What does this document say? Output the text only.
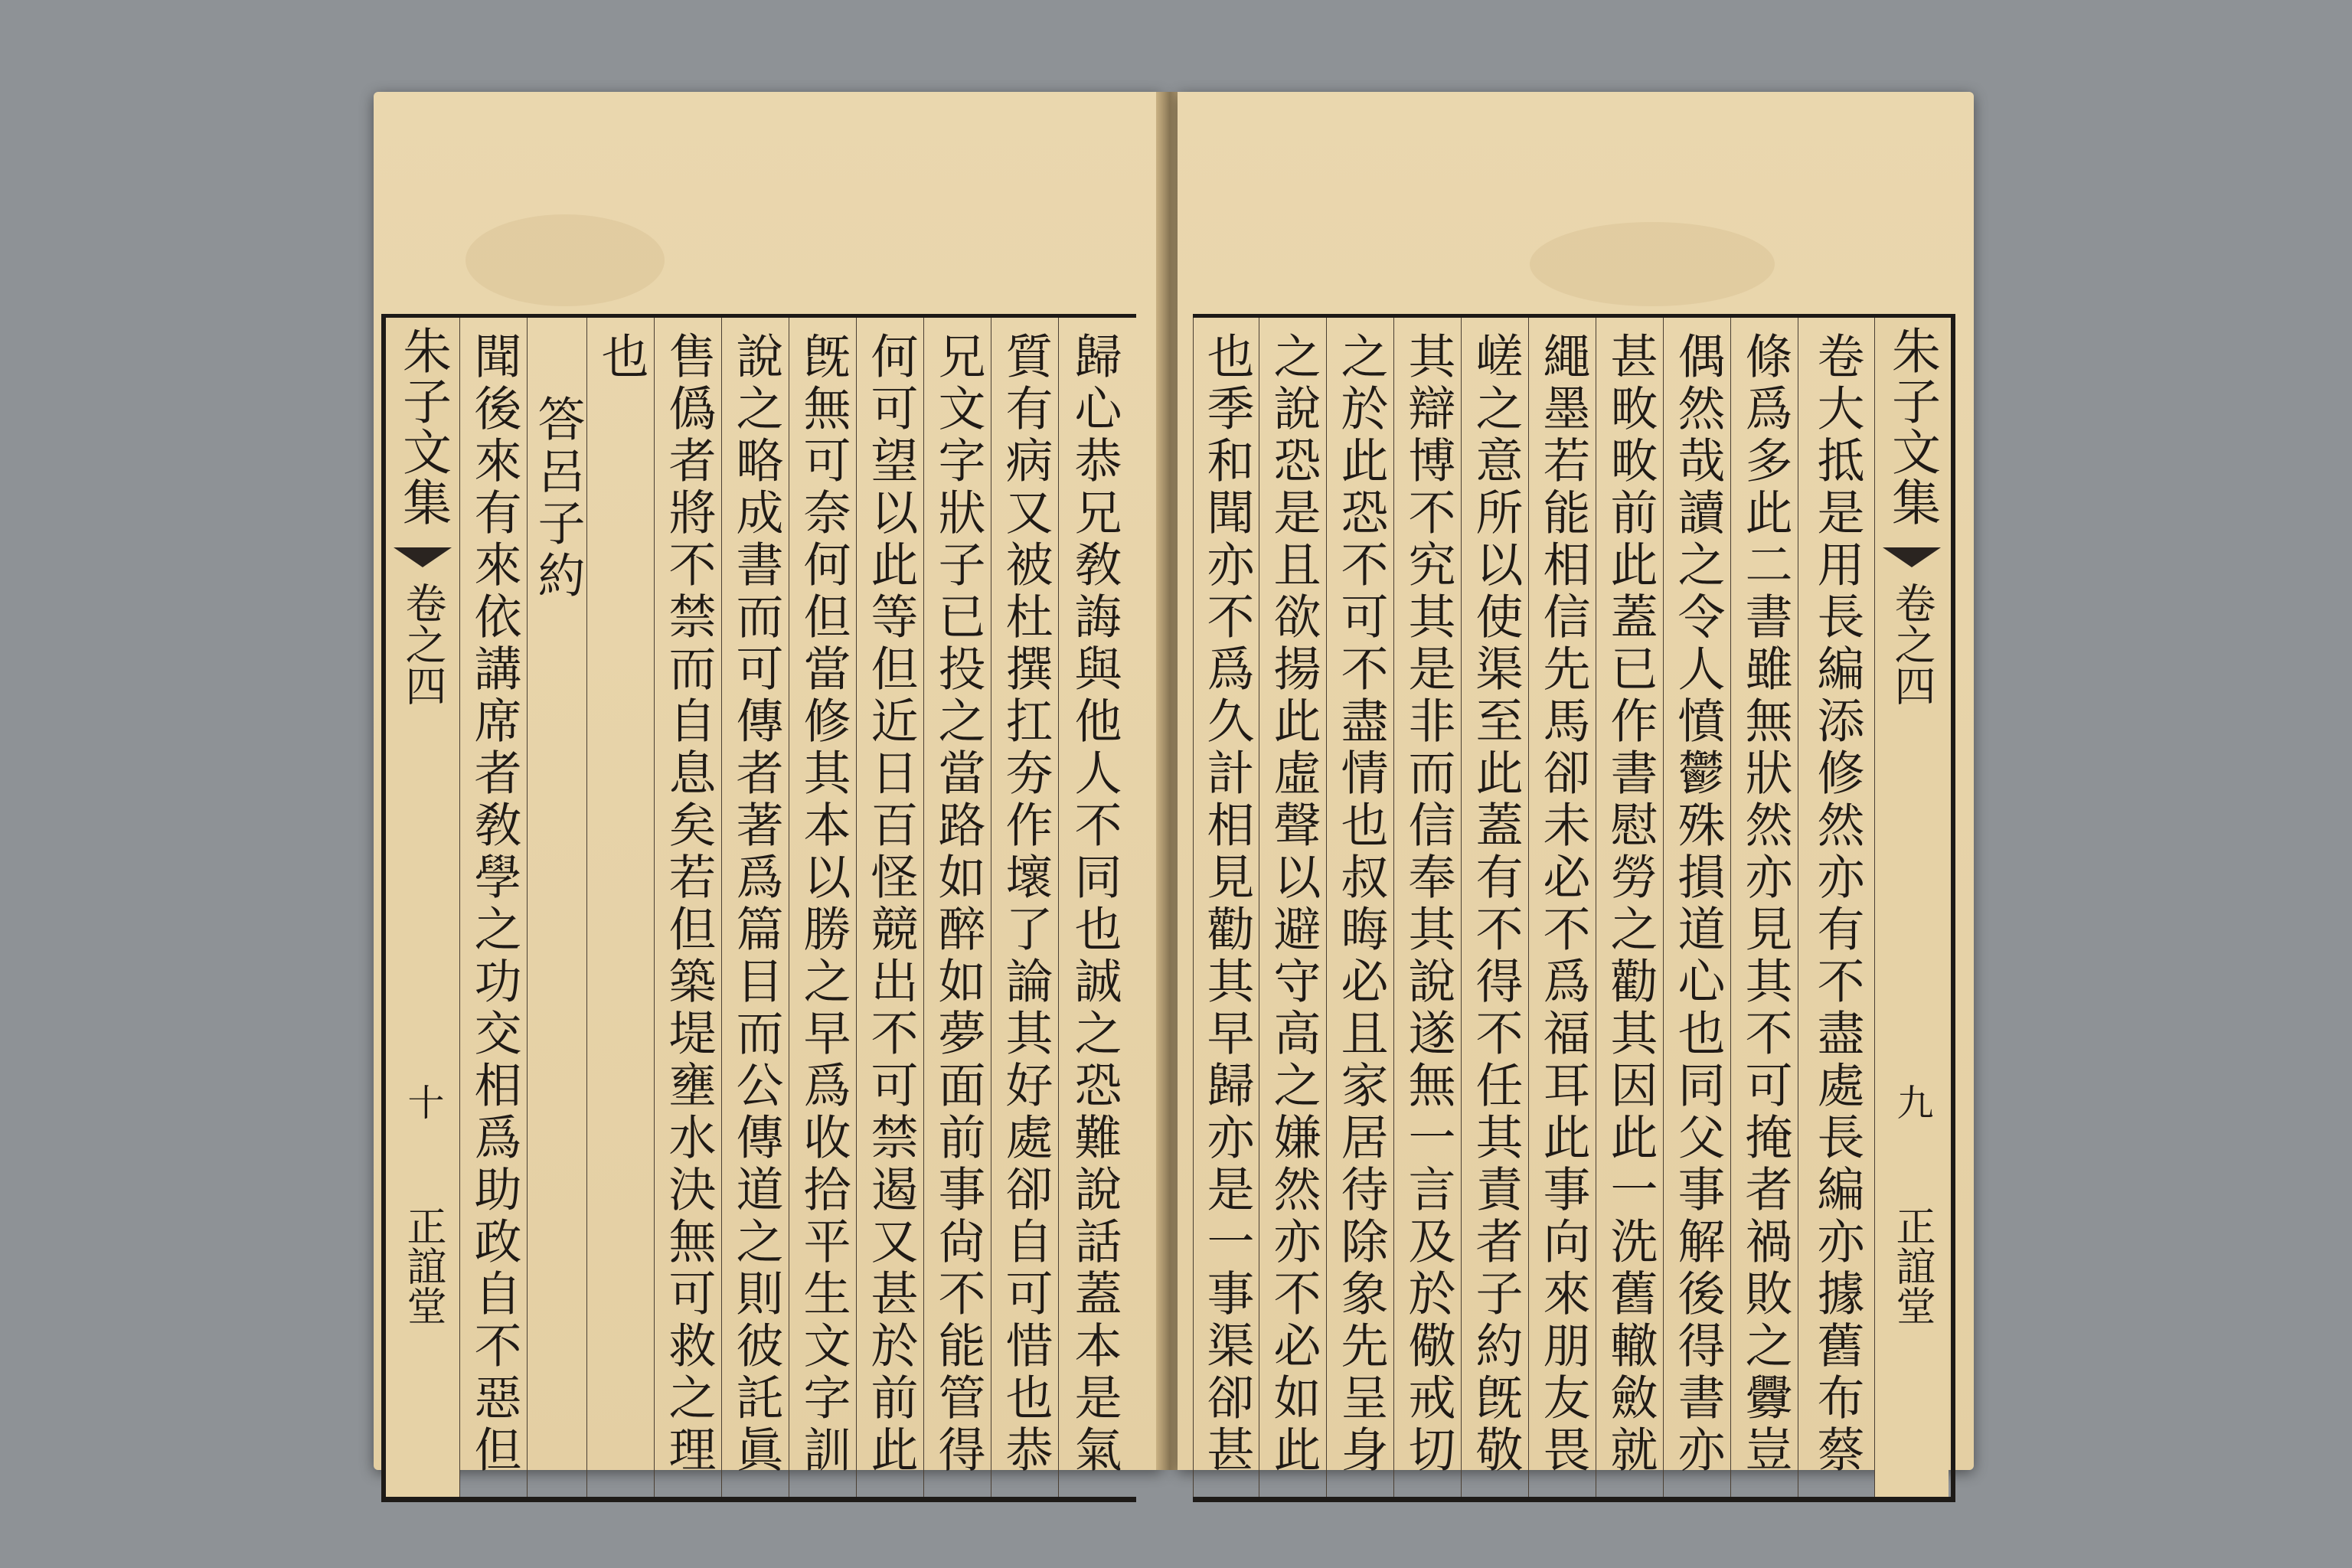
朱子文集
卷之四
十
正誼堂	歸心恭兄敎誨與他人不同也誠之恐難說話蓋本是氣
質有病又被杜撰扛夯作壞了論其好處卻自可惜也恭
兄文字狀子已投之當路如醉如夢面前事尙不能管得
何可望以此等但近日百怪競出不可禁遏又甚於前此
旣無可奈何但當修其本以勝之早爲收拾平生文字訓
說之略成書而可傳者著爲篇目而公傳道之則彼託眞
售僞者將不禁而自息矣若但築堤壅水決無可救之理
也
答呂子約
聞後來有來依講席者敎學之功交相爲助政自不惡但	也季和聞亦不爲久計相見勸其早歸亦是一事渠卻甚 之說恐是且欲揚此虛聲以避守高之嫌然亦不必如此 之於此恐不可不盡情也叔晦必且家居待除象先呈身 其辯博不究其是非而信奉其說遂無一言及於儆戒切 嵯之意所以使渠至此蓋有不得不任其責者子約旣敬 繩墨若能相信先馬卻未必不爲福耳此事向來朋友畏 甚畋畋前此蓋已作書慰勞之勸其因此一洗舊轍斂就 偶然哉讀之令人憤鬱殊損道心也同父事解後得書亦 條爲多此二書雖無狀然亦見其不可掩者禍敗之釁豈 卷大抵是用長編添修然亦有不盡處長編亦據舊布蔡 朱子文集
卷之四
九
正誼堂
